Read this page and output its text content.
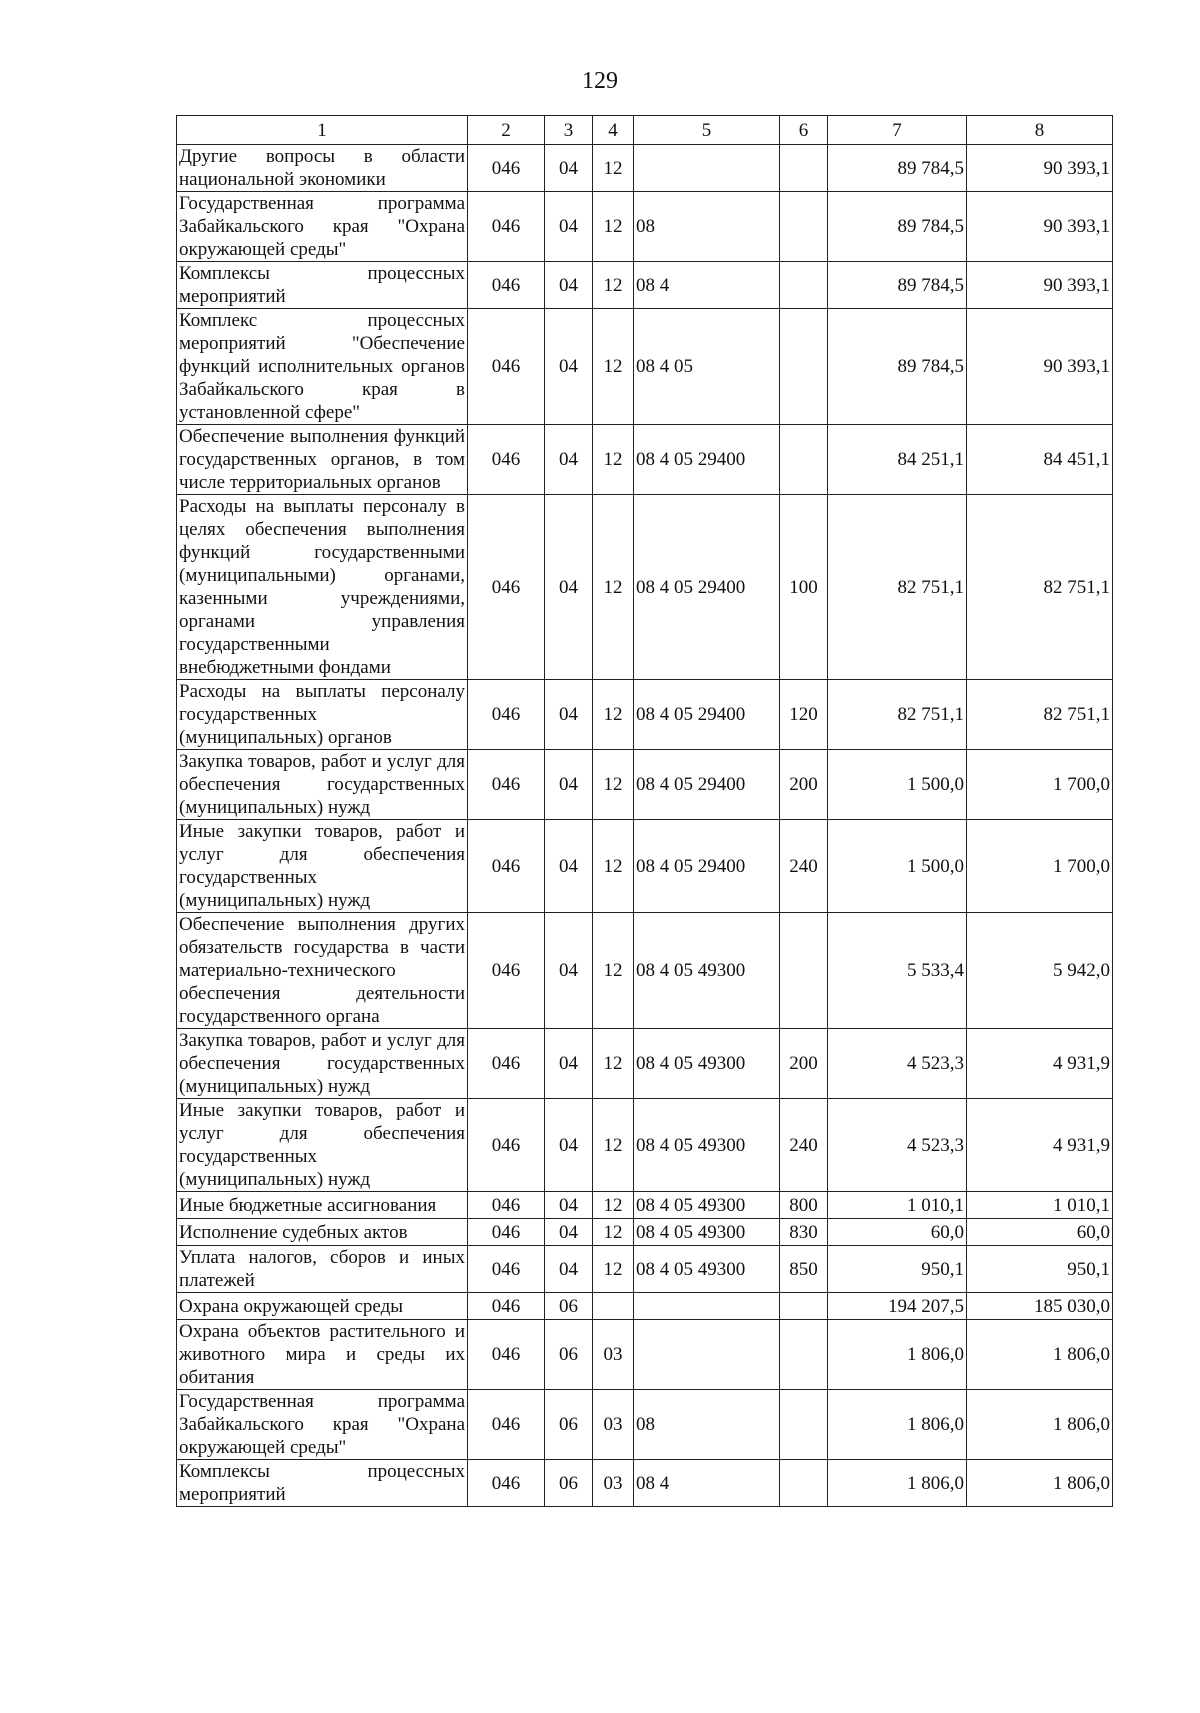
129
1	2	3	4	5	6	7	8
Другие вопросы в области национальной экономики	046	04	12			89 784,5	90 393,1
Государственная программа Забайкальского края "Охрана окружающей среды"	046	04	12	08		89 784,5	90 393,1
Комплексы процессных мероприятий	046	04	12	08 4		89 784,5	90 393,1
Комплекс процессных мероприятий "Обеспечение функций исполнительных органов Забайкальского края в установленной сфере"	046	04	12	08 4 05		89 784,5	90 393,1
Обеспечение выполнения функций государственных органов, в том числе территориальных органов	046	04	12	08 4 05 29400		84 251,1	84 451,1
Расходы на выплаты персоналу в целях обеспечения выполнения функций государственными (муниципальными) органами, казенными учреждениями, органами управления государственными внебюджетными фондами	046	04	12	08 4 05 29400	100	82 751,1	82 751,1
Расходы на выплаты персоналу государственных (муниципальных) органов	046	04	12	08 4 05 29400	120	82 751,1	82 751,1
Закупка товаров, работ и услуг для обеспечения государственных (муниципальных) нужд	046	04	12	08 4 05 29400	200	1 500,0	1 700,0
Иные закупки товаров, работ и услуг для обеспечения государственных (муниципальных) нужд	046	04	12	08 4 05 29400	240	1 500,0	1 700,0
Обеспечение выполнения других обязательств государства в части материально-технического обеспечения деятельности государственного органа	046	04	12	08 4 05 49300		5 533,4	5 942,0
Закупка товаров, работ и услуг для обеспечения государственных (муниципальных) нужд	046	04	12	08 4 05 49300	200	4 523,3	4 931,9
Иные закупки товаров, работ и услуг для обеспечения государственных (муниципальных) нужд	046	04	12	08 4 05 49300	240	4 523,3	4 931,9
Иные бюджетные ассигнования	046	04	12	08 4 05 49300	800	1 010,1	1 010,1
Исполнение судебных актов	046	04	12	08 4 05 49300	830	60,0	60,0
Уплата налогов, сборов и иных платежей	046	04	12	08 4 05 49300	850	950,1	950,1
Охрана окружающей среды	046	06				194 207,5	185 030,0
Охрана объектов растительного и животного мира и среды их обитания	046	06	03			1 806,0	1 806,0
Государственная программа Забайкальского края "Охрана окружающей среды"	046	06	03	08		1 806,0	1 806,0
Комплексы процессных мероприятий	046	06	03	08 4		1 806,0	1 806,0
